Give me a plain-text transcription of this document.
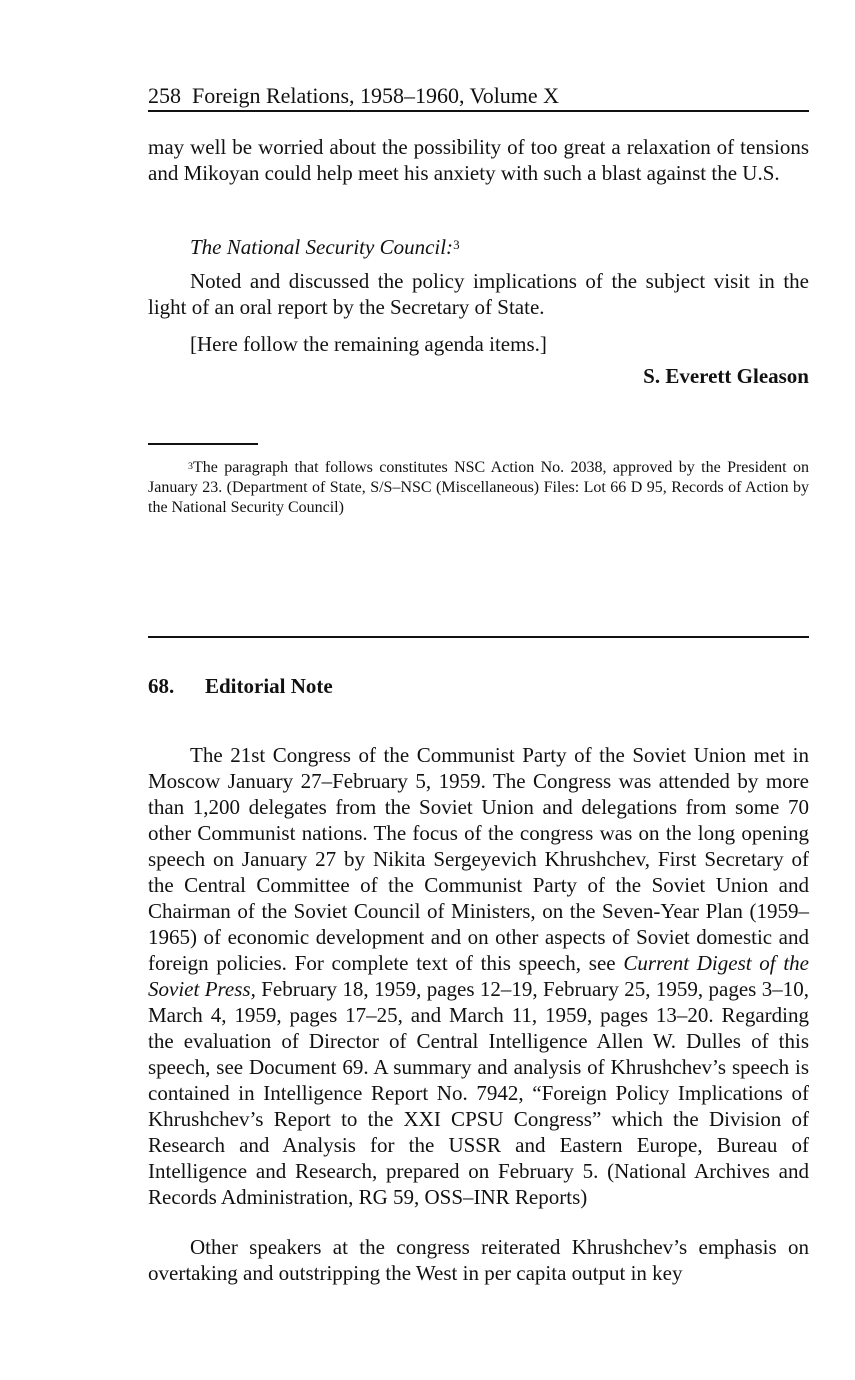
258 Foreign Relations, 1958–1960, Volume X

may well be worried about the possibility of too great a relaxation of tensions and Mikoyan could help meet his anxiety with such a blast against the U.S.

The National Security Council:$^3$

Noted and discussed the policy implications of the subject visit in the light of an oral report by the Secretary of State.

[Here follow the remaining agenda items.]

S. Everett Gleason

$^3$The paragraph that follows constitutes NSC Action No. 2038, approved by the President on January 23. (Department of State, S/S–NSC (Miscellaneous) Files: Lot 66 D 95, Records of Action by the National Security Council)

68. Editorial Note

The 21st Congress of the Communist Party of the Soviet Union met in Moscow January 27–February 5, 1959. The Congress was attended by more than 1,200 delegates from the Soviet Union and delegations from some 70 other Communist nations. The focus of the congress was on the long opening speech on January 27 by Nikita Sergeyevich Khrushchev, First Secretary of the Central Committee of the Communist Party of the Soviet Union and Chairman of the Soviet Council of Ministers, on the Seven-Year Plan (1959–1965) of economic development and on other aspects of Soviet domestic and foreign policies. For complete text of this speech, see Current Digest of the Soviet Press, February 18, 1959, pages 12–19, February 25, 1959, pages 3–10, March 4, 1959, pages 17–25, and March 11, 1959, pages 13–20. Regarding the evaluation of Director of Central Intelligence Allen W. Dulles of this speech, see Document 69. A summary and analysis of Khrushchev’s speech is contained in Intelligence Report No. 7942, “Foreign Policy Implications of Khrushchev’s Report to the XXI CPSU Congress” which the Division of Research and Analysis for the USSR and Eastern Europe, Bureau of Intelligence and Research, prepared on February 5. (National Archives and Records Administration, RG 59, OSS–INR Reports)

Other speakers at the congress reiterated Khrushchev’s emphasis on overtaking and outstripping the West in per capita output in key
